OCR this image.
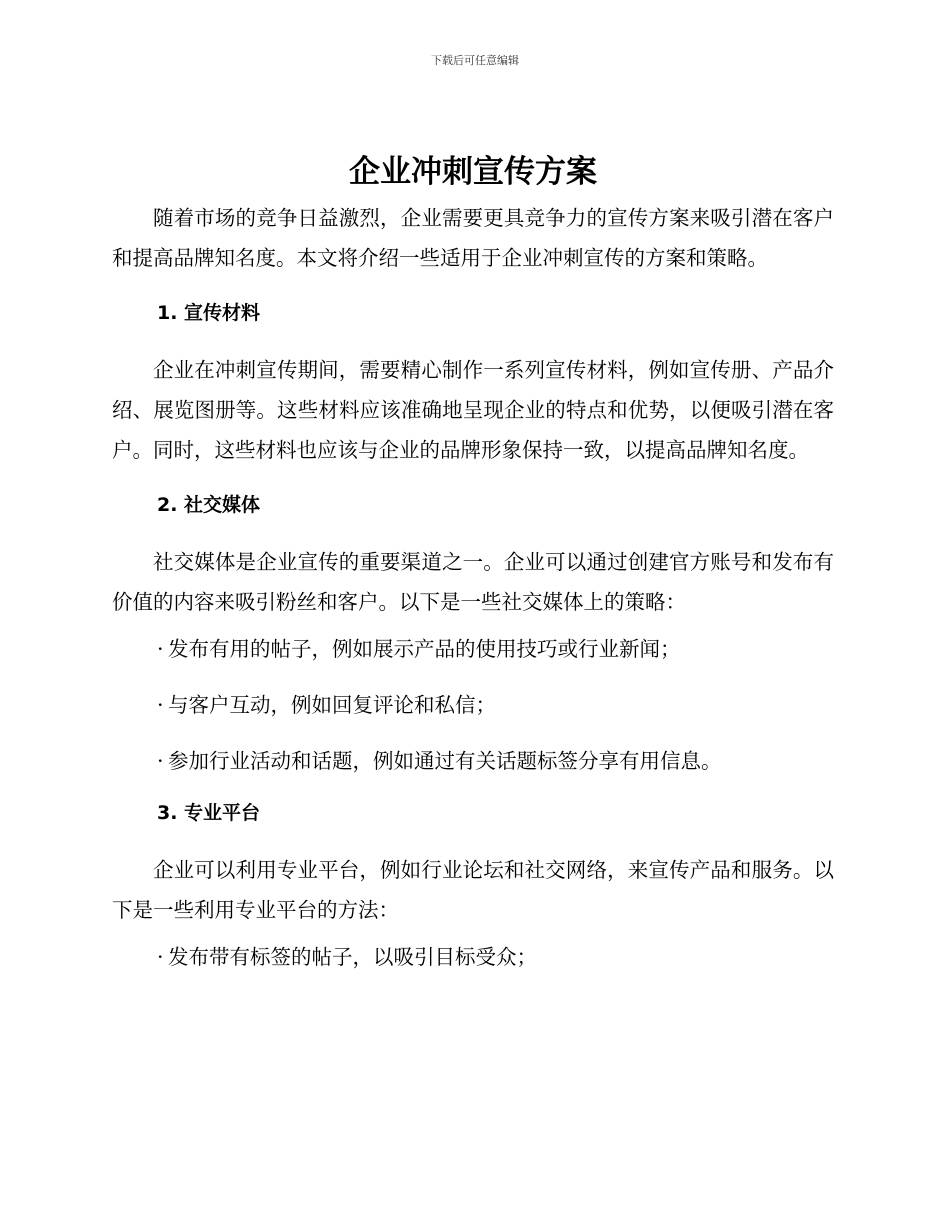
下载后可任意编辑
企业冲刺宣传方案

随着市场的竞争日益激烈，企业需要更具竞争力的宣传方案来吸引潜在客户和提高品牌知名度。本文将介绍一些适用于企业冲刺宣传的方案和策略。

1. 宣传材料

企业在冲刺宣传期间，需要精心制作一系列宣传材料，例如宣传册、产品介绍、展览图册等。这些材料应该准确地呈现企业的特点和优势，以便吸引潜在客户。同时，这些材料也应该与企业的品牌形象保持一致，以提高品牌知名度。

2. 社交媒体

社交媒体是企业宣传的重要渠道之一。企业可以通过创建官方账号和发布有价值的内容来吸引粉丝和客户。以下是一些社交媒体上的策略：

· 发布有用的帖子，例如展示产品的使用技巧或行业新闻；
· 与客户互动，例如回复评论和私信；
· 参加行业活动和话题，例如通过有关话题标签分享有用信息。
3. 专业平台

企业可以利用专业平台，例如行业论坛和社交网络，来宣传产品和服务。以下是一些利用专业平台的方法：

· 发布带有标签的帖子，以吸引目标受众；
